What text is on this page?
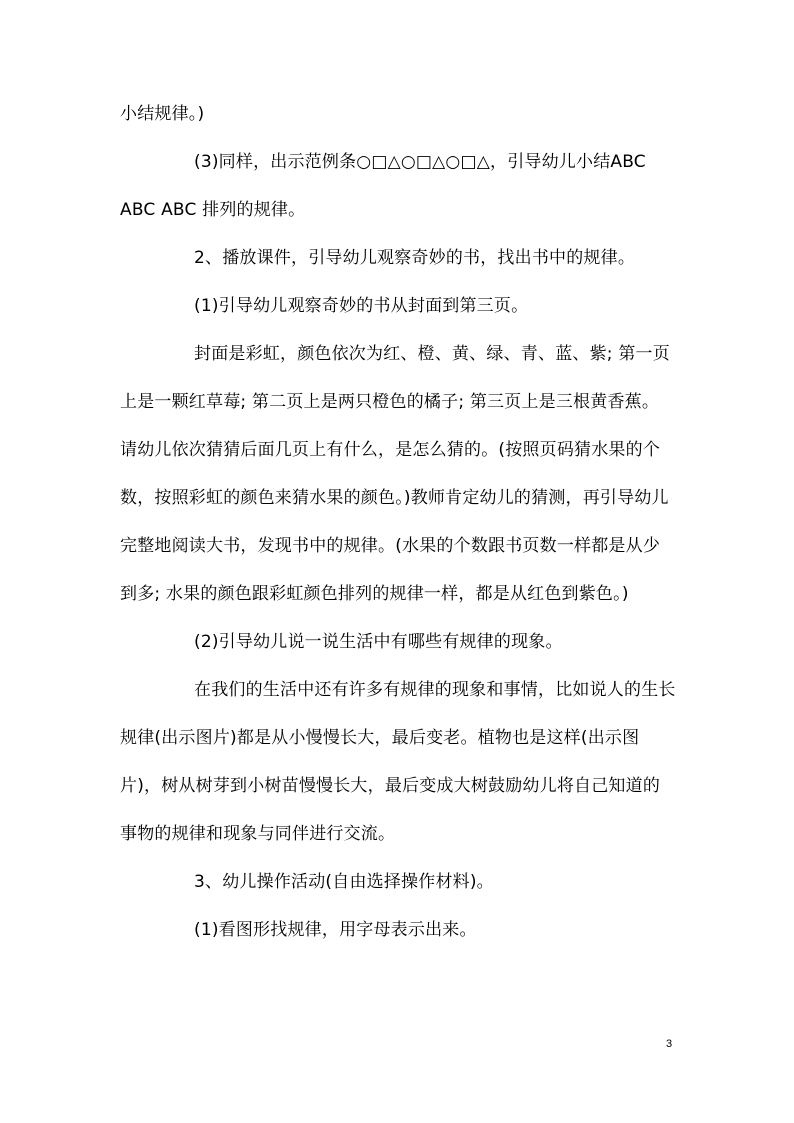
小结规律。)

(3)同样，出示范例条○□△○□△○□△，引导幼儿小结ABC ABC ABC 排列的规律。

2、播放课件，引导幼儿观察奇妙的书，找出书中的规律。

(1)引导幼儿观察奇妙的书从封面到第三页。

封面是彩虹，颜色依次为红、橙、黄、绿、青、蓝、紫; 第一页上是一颗红草莓; 第二页上是两只橙色的橘子; 第三页上是三根黄香蕉。请幼儿依次猜猜后面几页上有什么，是怎么猜的。(按照页码猜水果的个数，按照彩虹的颜色来猜水果的颜色。)教师肯定幼儿的猜测，再引导幼儿完整地阅读大书，发现书中的规律。(水果的个数跟书页数一样都是从少到多; 水果的颜色跟彩虹颜色排列的规律一样，都是从红色到紫色。)

(2)引导幼儿说一说生活中有哪些有规律的现象。

在我们的生活中还有许多有规律的现象和事情，比如说人的生长规律(出示图片)都是从小慢慢长大，最后变老。植物也是这样(出示图片)，树从树芽到小树苗慢慢长大，最后变成大树鼓励幼儿将自己知道的事物的规律和现象与同伴进行交流。

3、幼儿操作活动(自由选择操作材料)。

(1)看图形找规律，用字母表示出来。

3
